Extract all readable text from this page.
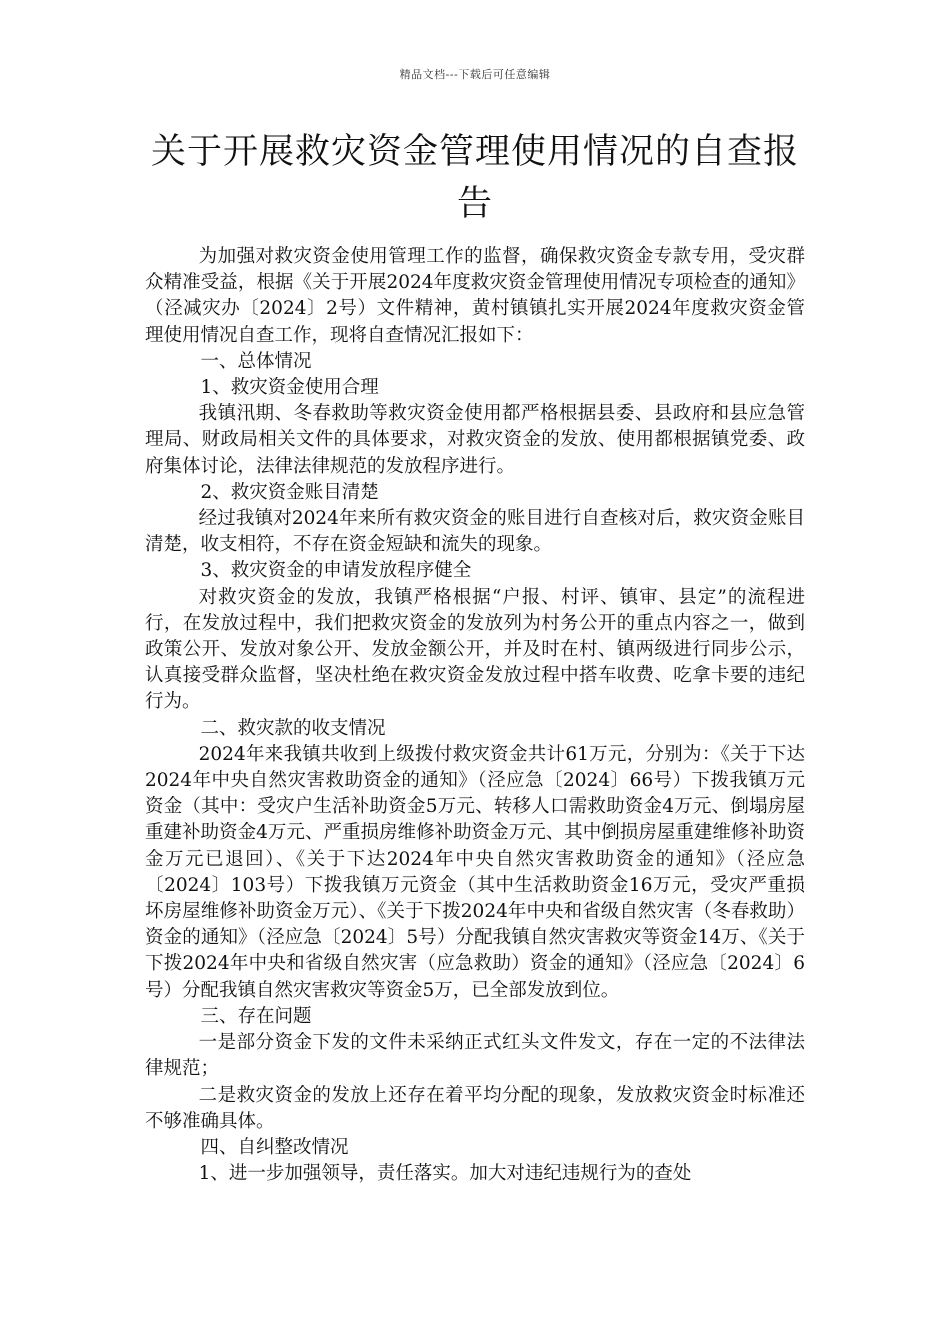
精品文档---下载后可任意编辑
关于开展救灾资金管理使用情况的自查报告

为加强对救灾资金使用管理工作的监督，确保救灾资金专款专用，受灾群众精准受益，根据《关于开展2024年度救灾资金管理使用情况专项检查的通知》（泾减灾办〔2024〕2号）文件精神，黄村镇镇扎实开展2024年度救灾资金管理使用情况自查工作，现将自查情况汇报如下：

一、总体情况

1、救灾资金使用合理

我镇汛期、冬春救助等救灾资金使用都严格根据县委、县政府和县应急管理局、财政局相关文件的具体要求，对救灾资金的发放、使用都根据镇党委、政府集体讨论，法律法律规范的发放程序进行。

2、救灾资金账目清楚

经过我镇对2024年来所有救灾资金的账目进行自查核对后，救灾资金账目清楚，收支相符，不存在资金短缺和流失的现象。

3、救灾资金的申请发放程序健全

对救灾资金的发放，我镇严格根据“户报、村评、镇审、县定”的流程进行，在发放过程中，我们把救灾资金的发放列为村务公开的重点内容之一，做到政策公开、发放对象公开、发放金额公开，并及时在村、镇两级进行同步公示，认真接受群众监督，坚决杜绝在救灾资金发放过程中搭车收费、吃拿卡要的违纪行为。

二、救灾款的收支情况

2024年来我镇共收到上级拨付救灾资金共计61万元，分别为：《关于下达2024年中央自然灾害救助资金的通知》（泾应急〔2024〕66号）下拨我镇万元资金（其中：受灾户生活补助资金5万元、转移人口需救助资金4万元、倒塌房屋重建补助资金4万元、严重损房维修补助资金万元、其中倒损房屋重建维修补助资金万元已退回）、《关于下达2024年中央自然灾害救助资金的通知》（泾应急〔2024〕103号）下拨我镇万元资金（其中生活救助资金16万元，受灾严重损坏房屋维修补助资金万元）、《关于下拨2024年中央和省级自然灾害（冬春救助）资金的通知》（泾应急〔2024〕5号）分配我镇自然灾害救灾等资金14万、《关于下拨2024年中央和省级自然灾害（应急救助）资金的通知》（泾应急〔2024〕6号）分配我镇自然灾害救灾等资金5万，已全部发放到位。

三、存在问题

一是部分资金下发的文件未采纳正式红头文件发文，存在一定的不法律法律规范；

二是救灾资金的发放上还存在着平均分配的现象，发放救灾资金时标准还不够准确具体。

四、自纠整改情况

1、进一步加强领导，责任落实。加大对违纪违规行为的查处
